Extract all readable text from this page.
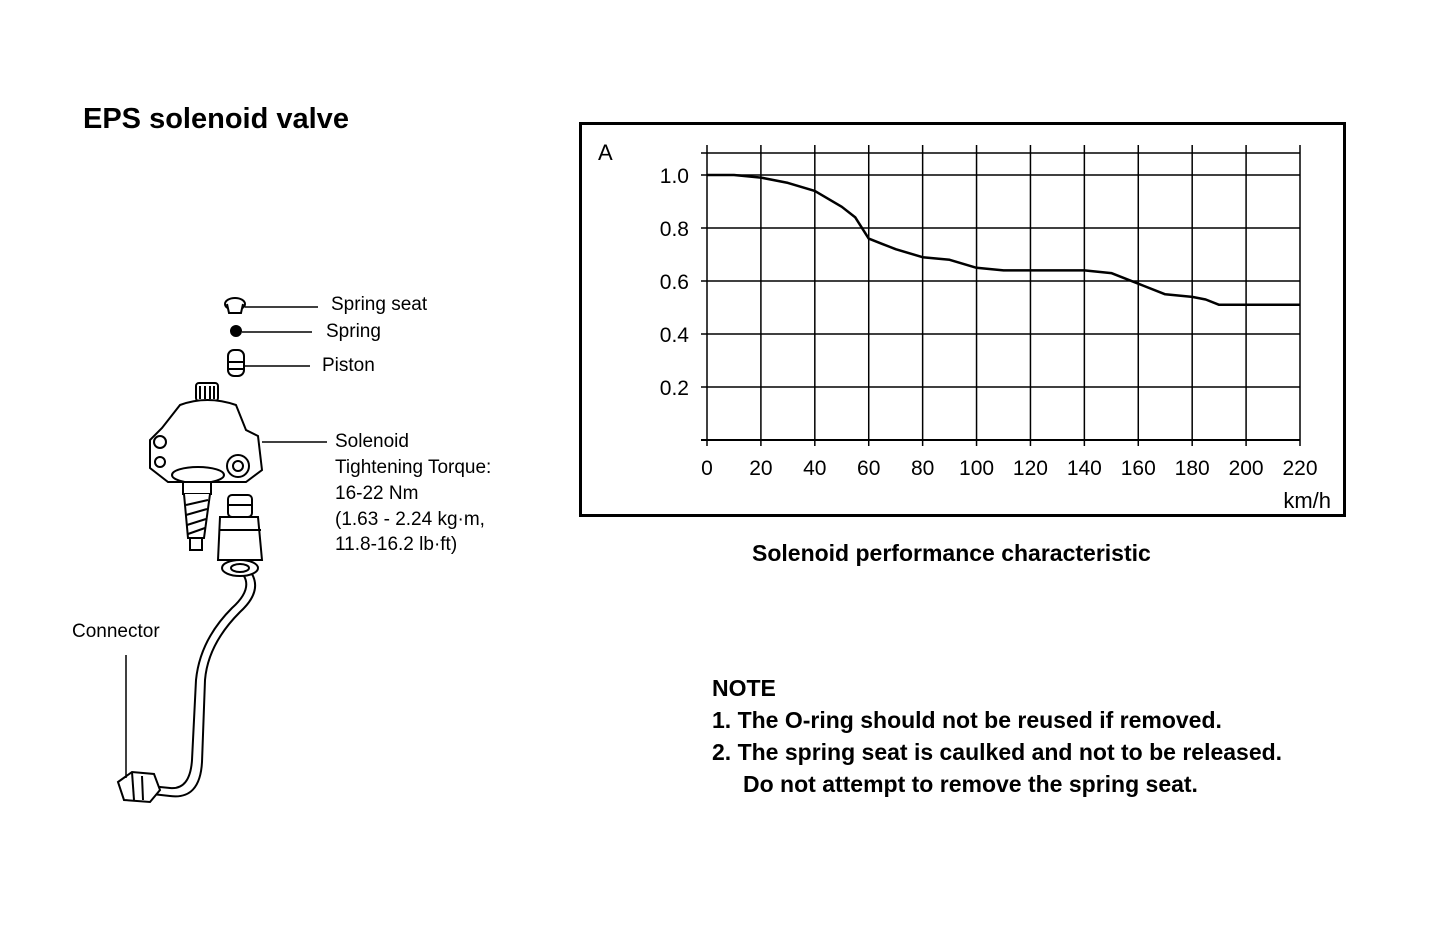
EPS solenoid valve
Spring seat
Spring
Piston
Solenoid
Tightening Torque:
16-22 Nm
(1.63 - 2.24 kg·m,
11.8-16.2 lb·ft)
Connector
0 20 40 60 80 100 120 140 160 180 200 220
0.2
0.4
0.6
0.8
1.0
A
km/h
Solenoid performance characteristic
NOTE
1. The O-ring should not be reused if removed.
2. The spring seat is caulked and not to be released.
Do not attempt to remove the spring seat.
